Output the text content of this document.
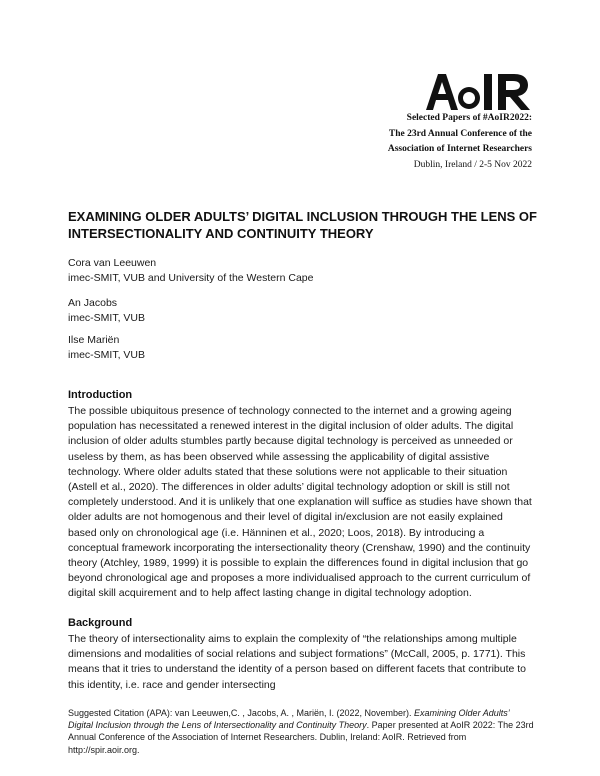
Selected Papers of #AoIR2022:
The 23rd Annual Conference of the
Association of Internet Researchers
Dublin, Ireland / 2-5 Nov 2022
EXAMINING OLDER ADULTS’ DIGITAL INCLUSION THROUGH THE LENS OF INTERSECTIONALITY AND CONTINUITY THEORY
Cora van Leeuwen
imec-SMIT, VUB and University of the Western Cape
An Jacobs
imec-SMIT, VUB
Ilse Mariën
imec-SMIT, VUB
Introduction

The possible ubiquitous presence of technology connected to the internet and a growing ageing population has necessitated a renewed interest in the digital inclusion of older adults. The digital inclusion of older adults stumbles partly because digital technology is perceived as unneeded or useless by them, as has been observed while assessing the applicability of digital assistive technology. Where older adults stated that these solutions were not applicable to their situation (Astell et al., 2020). The differences in older adults’ digital technology adoption or skill is still not completely understood. And it is unlikely that one explanation will suffice as studies have shown that older adults are not homogenous and their level of digital in/exclusion are not easily explained based only on chronological age (i.e. Hänninen et al., 2020; Loos, 2018). By introducing a conceptual framework incorporating the intersectionality theory (Crenshaw, 1990) and the continuity theory (Atchley, 1989, 1999) it is possible to explain the differences found in digital inclusion that go beyond chronological age and proposes a more individualised approach to the current curriculum of digital skill acquirement and to help affect lasting change in digital technology adoption.

Background

The theory of intersectionality aims to explain the complexity of “the relationships among multiple dimensions and modalities of social relations and subject formations” (McCall, 2005, p. 1771). This means that it tries to understand the identity of a person based on different facets that contribute to this identity, i.e. race and gender intersecting

Suggested Citation (APA): van Leeuwen,C. , Jacobs, A. , Mariën, I. (2022, November). Examining Older Adults’ Digital Inclusion through the Lens of Intersectionality and Continuity Theory. Paper presented at AoIR 2022: The 23rd Annual Conference of the Association of Internet Researchers. Dublin, Ireland: AoIR. Retrieved from http://spir.aoir.org.
